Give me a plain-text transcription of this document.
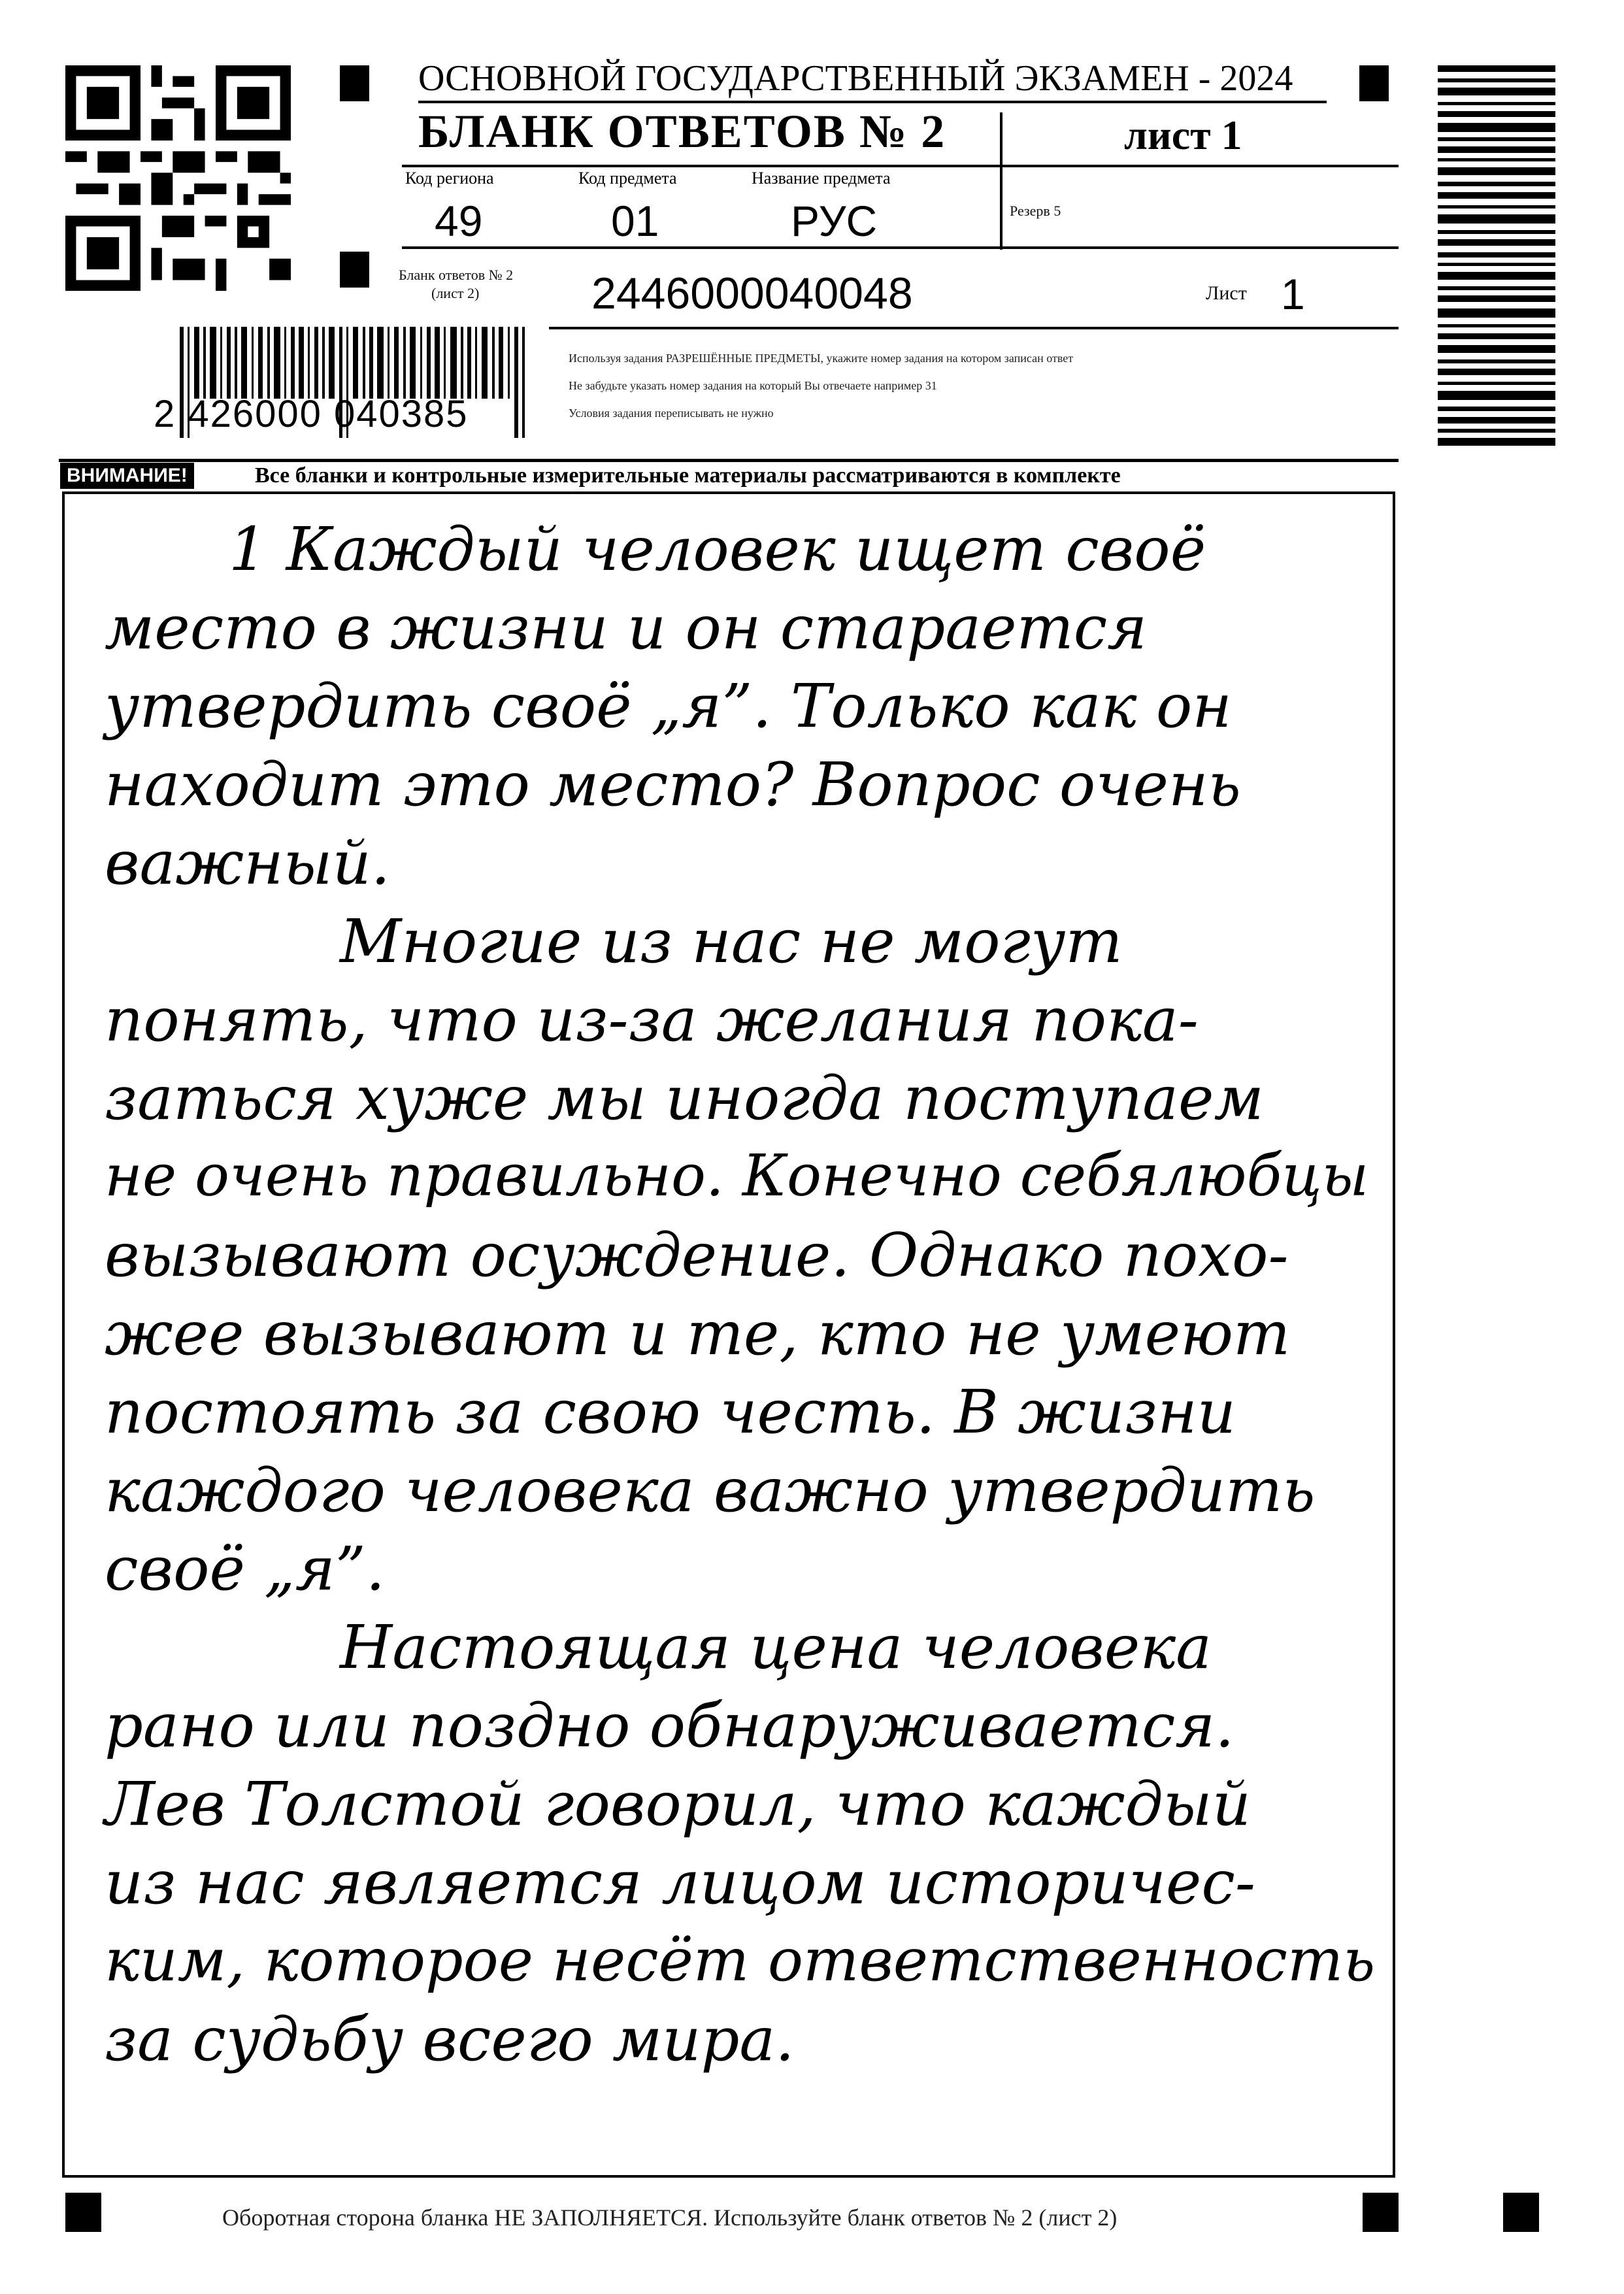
2 426000 040385
ОСНОВНОЙ ГОСУДАРСТВЕННЫЙ ЭКЗАМЕН - 2024
БЛАНК ОТВЕТОВ № 2	лист 1
Код региона
49
Код предмета
01
Название предмета
РУС	Резерв 5
Бланк ответов № 2
(лист 2)	2446000040048	Лист 1
Используя задания РАЗРЕШЁННЫЕ ПРЕДМЕТЫ, укажите номер задания на котором записан ответ
Не забудьте указать номер задания на который Вы отвечаете например 31
Условия задания переписывать не нужно
ВНИМАНИЕ!	Все бланки и контрольные измерительные материалы рассматриваются в комплекте
1 Каждый человек ищет своё
место в жизни и он старается
утвердить своё „я”. Только как он
находит это место? Вопрос очень
важный.
Многие из нас не могут
понять, что из-за желания пока-
заться хуже мы иногда поступаем
не очень правильно. Конечно себялюбцы
вызывают осуждение. Однако похо-
жее вызывают и те, кто не умеют
постоять за свою честь. В жизни
каждого человека важно утвердить
своё „я”.
Настоящая цена человека
рано или поздно обнаруживается.
Лев Толстой говорил, что каждый
из нас является лицом историчес-
ким, которое несёт ответственность
за судьбу всего мира.
Оборотная сторона бланка НЕ ЗАПОЛНЯЕТСЯ. Используйте бланк ответов № 2 (лист 2)
